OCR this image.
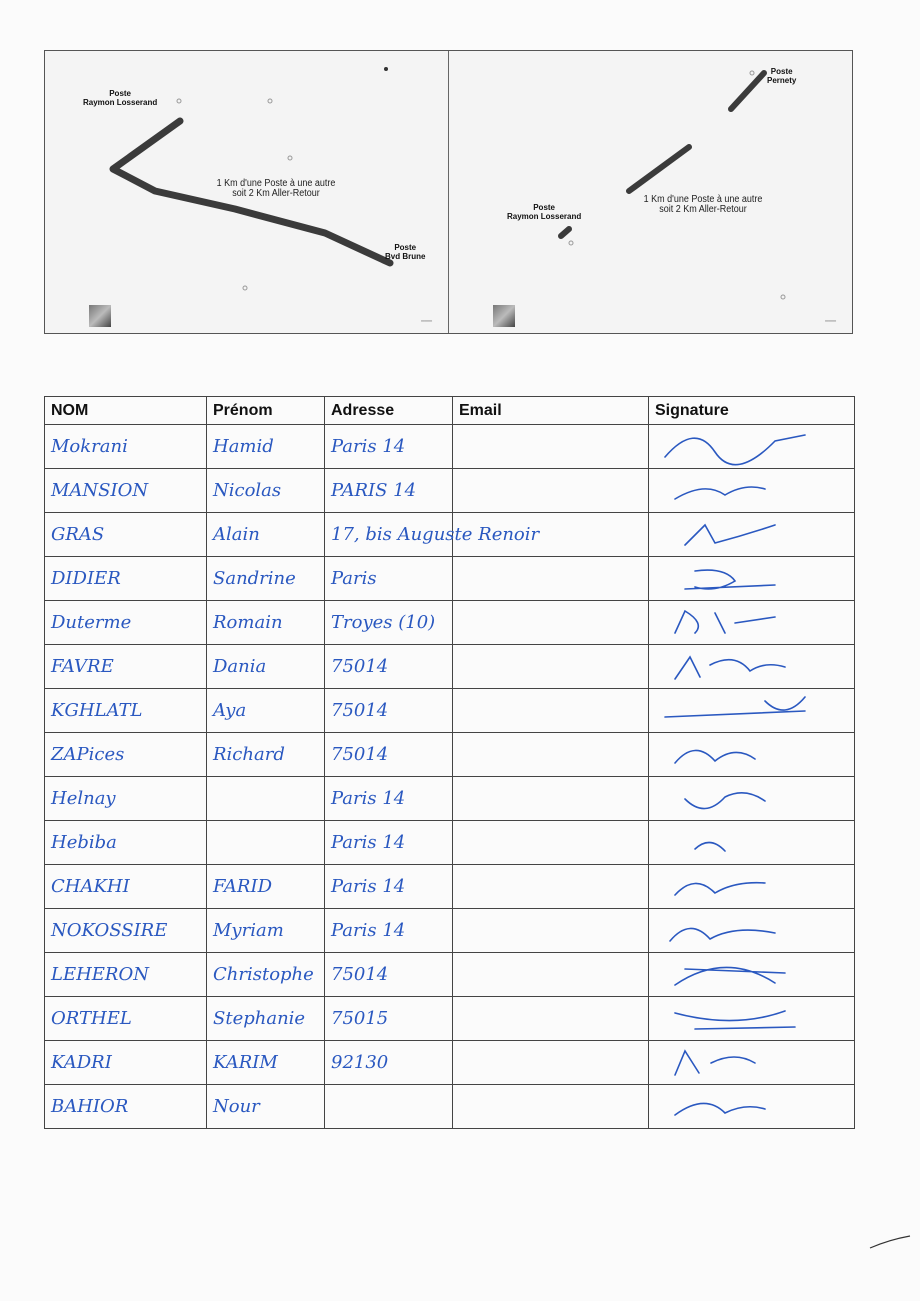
Poste
Raymon Losserand
Poste
Bvd Brune
1 Km d'une Poste à une autre
soit 2 Km Aller-Retour
━━━
Poste
Pernety
Poste
Raymon Losserand
1 Km d'une Poste à une autre
soit 2 Km Aller-Retour
━━━
NOM	Prénom	Adresse	Email	Signature
Mokrani	Hamid	Paris 14		

MANSION	Nicolas	PARIS 14		

GRAS	Alain	17, bis Auguste Renoir		

DIDIER	Sandrine	Paris		

Duterme	Romain	Troyes (10)		

FAVRE	Dania	75014		

KGHLATL	Aya	75014		

ZAPices	Richard	75014		

Helnay		Paris 14		

Hebiba		Paris 14		

CHAKHI	FARID	Paris 14		

NOKOSSIRE	Myriam	Paris 14		

LEHERON	Christophe	75014		

ORTHEL	Stephanie	75015		

KADRI	KARIM	92130		

BAHIOR	Nour			
